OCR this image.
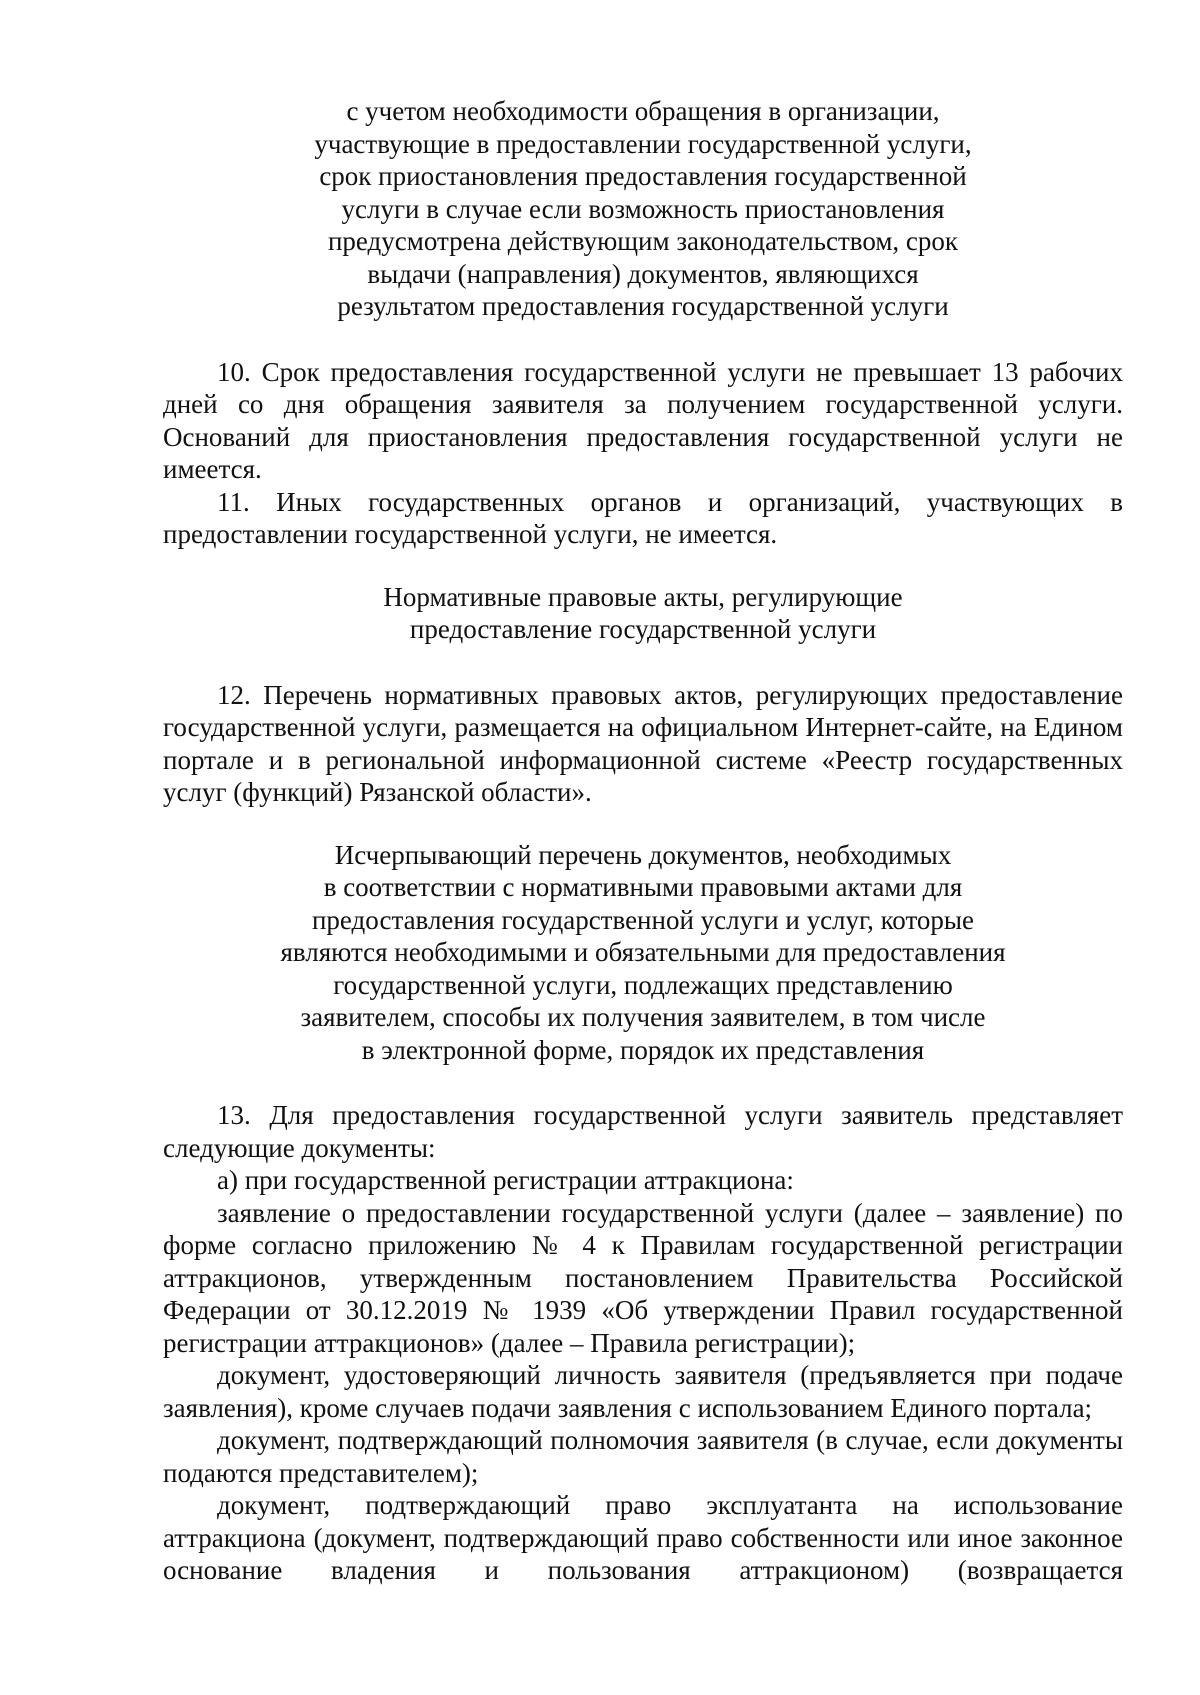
с учетом необходимости обращения в организации,
участвующие в предоставлении государственной услуги,
срок приостановления предоставления государственной
услуги в случае если возможность приостановления
предусмотрена действующим законодательством, срок
выдачи (направления) документов, являющихся
результатом предоставления государственной услуги

10. Срок предоставления государственной услуги не превышает 13 рабочих дней со дня обращения заявителя за получением государственной услуги. Оснований для приостановления предоставления государственной услуги не имеется.

11. Иных государственных органов и организаций, участвующих в предоставлении государственной услуги, не имеется.

Нормативные правовые акты, регулирующие
предоставление государственной услуги

12. Перечень нормативных правовых актов, регулирующих предоставление государственной услуги, размещается на официальном Интернет-сайте, на Едином портале и в региональной информационной системе «Реестр государственных услуг (функций) Рязанской области».

Исчерпывающий перечень документов, необходимых
в соответствии с нормативными правовыми актами для
предоставления государственной услуги и услуг, которые
являются необходимыми и обязательными для предоставления
государственной услуги, подлежащих представлению
заявителем, способы их получения заявителем, в том числе
в электронной форме, порядок их представления

13. Для предоставления государственной услуги заявитель представляет следующие документы:

а) при государственной регистрации аттракциона:

заявление о предоставлении государственной услуги (далее – заявление) по форме согласно приложению № 4 к Правилам государственной регистрации аттракционов, утвержденным постановлением Правительства Российской Федерации от 30.12.2019 № 1939 «Об утверждении Правил государственной регистрации аттракционов» (далее – Правила регистрации);

документ, удостоверяющий личность заявителя (предъявляется при подаче заявления), кроме случаев подачи заявления с использованием Единого портала;

документ, подтверждающий полномочия заявителя (в случае, если документы подаются представителем);

документ, подтверждающий право эксплуатанта на использование аттракциона (документ, подтверждающий право собственности или иное законное основание владения и пользования аттракционом) (возвращается
